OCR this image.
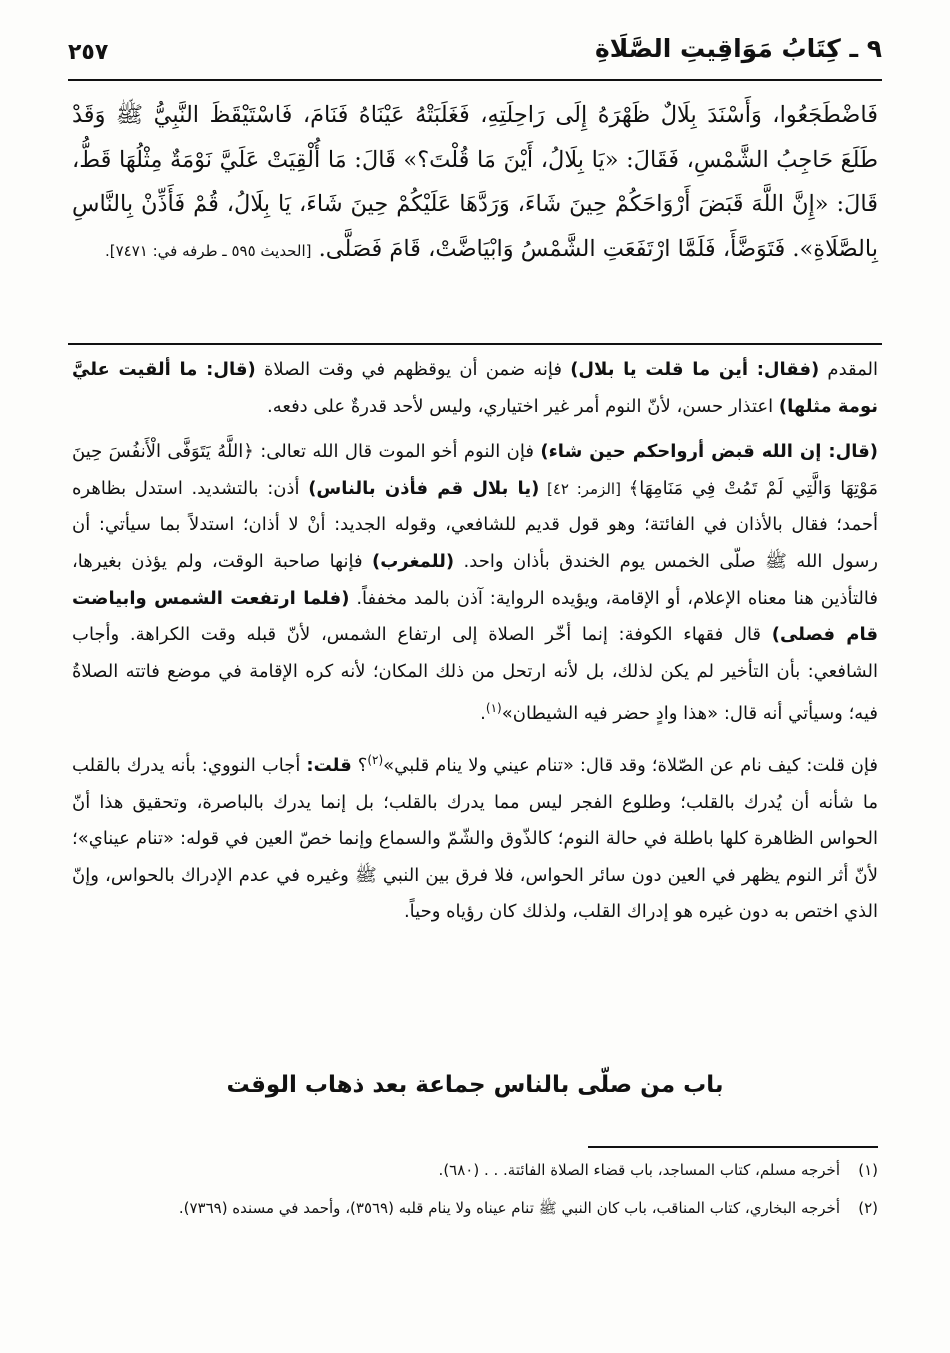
٢٥٧	٩ ـ كِتَابُ مَوَاقِيتِ الصَّلَاةِ
فَاضْطَجَعُوا، وَأَسْنَدَ بِلَالٌ ظَهْرَهُ إِلَى رَاحِلَتِهِ، فَغَلَبَتْهُ عَيْنَاهُ فَنَامَ، فَاسْتَيْقَظَ النَّبِيُّ ﷺ وَقَدْ طَلَعَ حَاجِبُ الشَّمْسِ، فَقَالَ: «يَا بِلَالُ، أَيْنَ مَا قُلْتَ؟» قَالَ: مَا أُلْقِيَتْ عَلَيَّ نَوْمَةٌ مِثْلُهَا قَطُّ، قَالَ: «إِنَّ اللَّهَ قَبَضَ أَرْوَاحَكُمْ حِينَ شَاءَ، وَرَدَّهَا عَلَيْكُمْ حِينَ شَاءَ، يَا بِلَالُ، قُمْ فَأَذِّنْ بِالنَّاسِ بِالصَّلَاةِ». فَتَوَضَّأَ، فَلَمَّا ارْتَفَعَتِ الشَّمْسُ وَابْيَاضَّتْ، قَامَ فَصَلَّى. [الحديث ٥٩٥ ـ طرفه في: ٧٤٧١].

المقدم (فقال: أين ما قلت يا بلال) فإنه ضمن أن يوقظهم في وقت الصلاة (قال: ما ألقيت عليَّ نومة مثلها) اعتذار حسن، لأنّ النوم أمر غير اختياري، وليس لأحد قدرةٌ على دفعه.

(قال: إن الله قبض أرواحكم حين شاء) فإن النوم أخو الموت قال الله تعالى: ﴿اللَّهُ يَتَوَفَّى الْأَنفُسَ حِينَ مَوْتِهَا وَالَّتِي لَمْ تَمُتْ فِي مَنَامِهَا﴾ [الزمر: ٤٢] (يا بلال قم فأذن بالناس) أذن: بالتشديد. استدل بظاهره أحمد؛ فقال بالأذان في الفائتة؛ وهو قول قديم للشافعي، وقوله الجديد: أنْ لا أذان؛ استدلاً بما سيأتي: أن رسول الله ﷺ صلّى الخمس يوم الخندق بأذان واحد. (للمغرب) فإنها صاحبة الوقت، ولم يؤذن بغيرها، فالتأذين هنا معناه الإعلام، أو الإقامة، ويؤيده الرواية: آذن بالمد مخففاً. (فلما ارتفعت الشمس وابياضت قام فصلى) قال فقهاء الكوفة: إنما أخّر الصلاة إلى ارتفاع الشمس، لأنّ قبله وقت الكراهة. وأجاب الشافعي: بأن التأخير لم يكن لذلك، بل لأنه ارتحل من ذلك المكان؛ لأنه كره الإقامة في موضع فاتته الصلاةُ فيه؛ وسيأتي أنه قال: «هذا وادٍ حضر فيه الشيطان»$^{(١)}$.

فإن قلت: كيف نام عن الصّلاة؛ وقد قال: «تنام عيني ولا ينام قلبي»$^{(٢)}$؟ قلت: أجاب النووي: بأنه يدرك بالقلب ما شأنه أن يُدرك بالقلب؛ وطلوع الفجر ليس مما يدرك بالقلب؛ بل إنما يدرك بالباصرة، وتحقيق هذا أنّ الحواس الظاهرة كلها باطلة في حالة النوم؛ كالذّوق والشّمّ والسماع وإنما خصّ العين في قوله: «تنام عيناي»؛ لأنّ أثر النوم يظهر في العين دون سائر الحواس، فلا فرق بين النبي ﷺ وغيره في عدم الإدراك بالحواس، وإنّ الذي اختص به دون غيره هو إدراك القلب، ولذلك كان رؤياه وحياً.

باب من صلّى بالناس جماعة بعد ذهاب الوقت
(١)
أخرجه مسلم، كتاب المساجد، باب قضاء الصلاة الفائتة. . . (٦٨٠).
(٢)
أخرجه البخاري، كتاب المناقب، باب كان النبي ﷺ تنام عيناه ولا ينام قلبه (٣٥٦٩)، وأحمد في مسنده (٧٣٦٩).
